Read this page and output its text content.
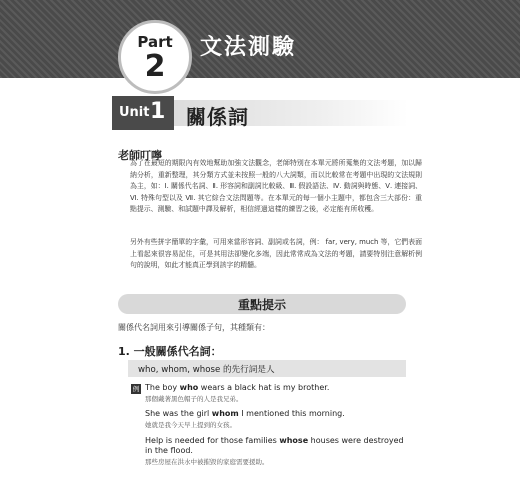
Part
2
文法測驗
Unit 1 關係詞
老師叮嚀

為了在最短的期限內有效地幫助加強文法觀念，老師特別在本單元將所蒐集的文法考題，加以歸納分析，重新整理，其分類方式並未按照一般的八大詞類，而以比較常在考題中出現的文法規則為主，如：Ⅰ. 關係代名詞、Ⅱ. 形容詞和副詞比較級、Ⅲ. 假設語法、Ⅳ. 動詞與時態、Ⅴ. 連接詞、Ⅵ. 特殊句型以及 Ⅶ. 其它綜合文法問題等。在本單元的每一個小主題中，都包含三大部份：重點提示、測驗、和試題中譯及解析，相信經過這樣的練習之後，必定能有所收穫。

另外有些拼字簡單的字彙，可用來當形容詞、副詞或名詞，例： far, very, much 等，它們表面上看起來很容易記住，可是其用法卻變化多端，因此常常成為文法的考題，請要特別注意解析例句的說明，如此才能真正學到該字的精髓。

重點提示
關係代名詞用來引導關係子句，其種類有：
1. 一般關係代名詞：
who, whom, whose 的先行詞是人
例 The boy who wears a black hat is my brother.
那個戴著黑色帽子的人是我兄弟。
She was the girl whom I mentioned this morning.
她就是我今天早上提到的女孩。
Help is needed for those families whose houses were destroyed in the flood.
那些房屋在洪水中被摧毀的家庭需要援助。
